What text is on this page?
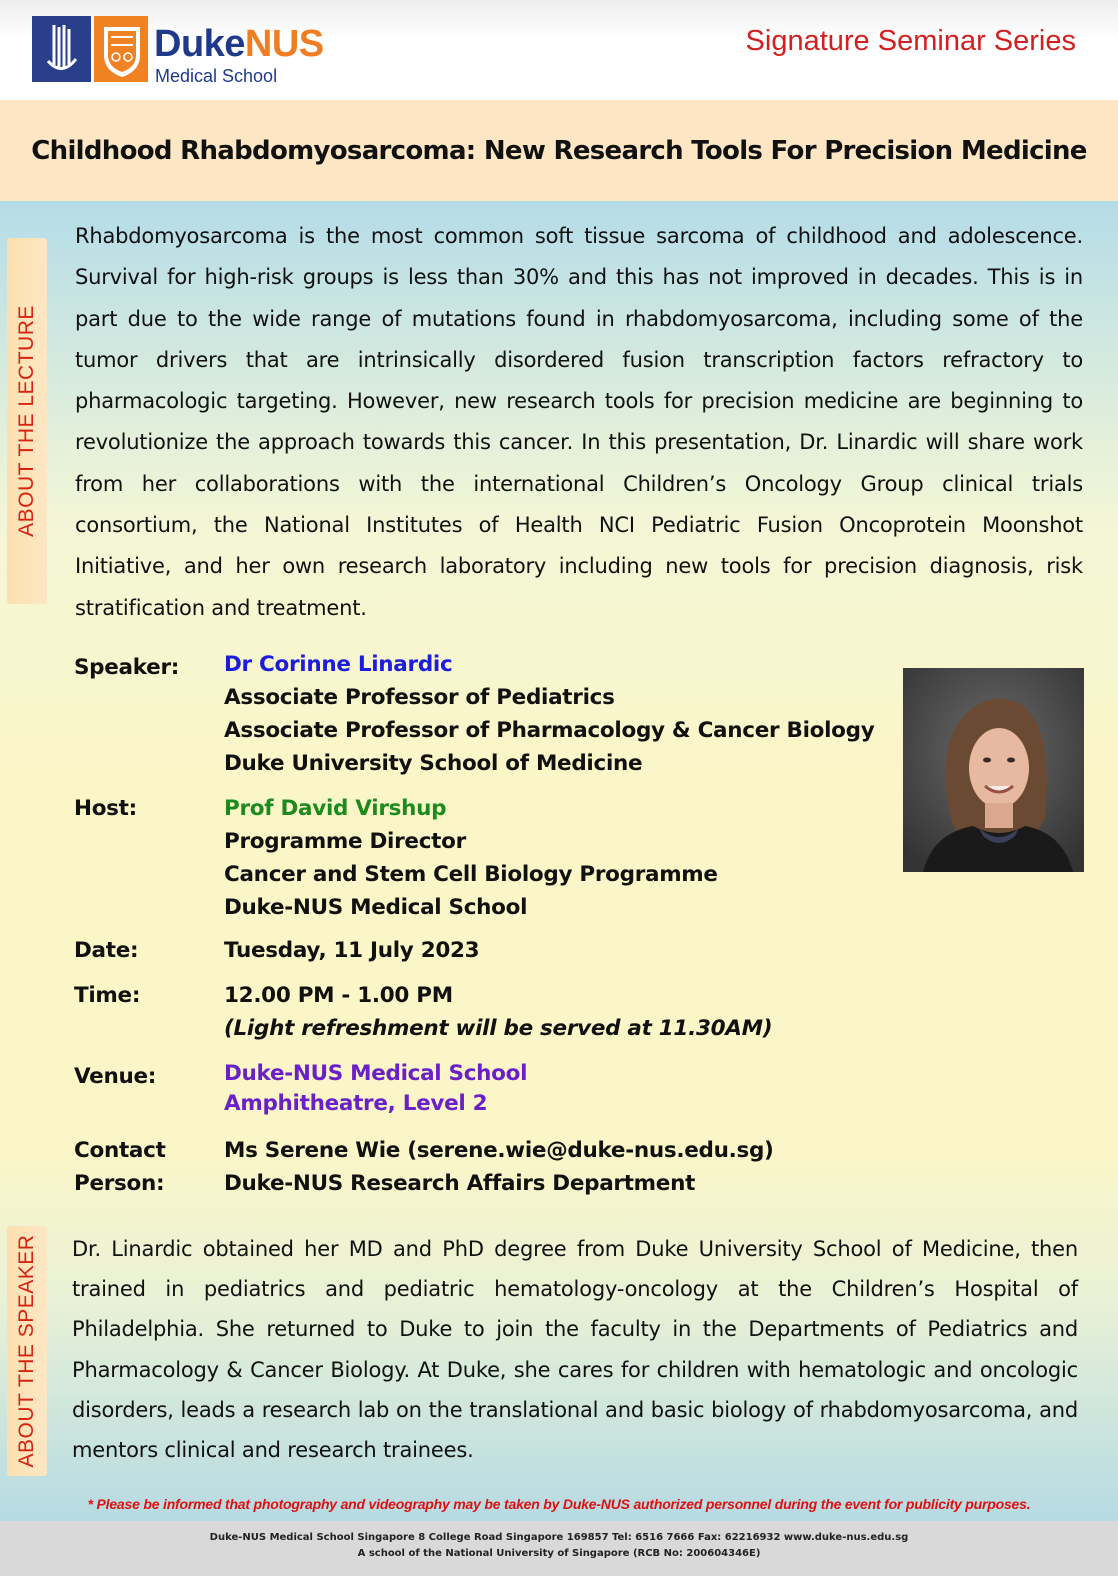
DukeNUS
Medical School
Signature Seminar Series
Childhood Rhabdomyosarcoma: New Research Tools For Precision Medicine
ABOUT THE LECTURE
ABOUT THE SPEAKER

Rhabdomyosarcoma is the most common soft tissue sarcoma of childhood and adolescence. Survival for high-risk groups is less than 30% and this has not improved in decades. This is in part due to the wide range of mutations found in rhabdomyosarcoma, including some of the tumor drivers that are intrinsically disordered fusion transcription factors refractory to pharmacologic targeting. However, new research tools for precision medicine are beginning to revolutionize the approach towards this cancer. In this presentation, Dr. Linardic will share work from her collaborations with the international Children’s Oncology Group clinical trials consortium, the National Institutes of Health NCI Pediatric Fusion Oncoprotein Moonshot Initiative, and her own research laboratory including new tools for precision diagnosis, risk stratification and treatment.

Speaker: Dr Corinne Linardic
Associate Professor of Pediatrics
Associate Professor of Pharmacology & Cancer Biology
Duke University School of Medicine
Host:	Prof David Virshup
Programme Director
Cancer and Stem Cell Biology Programme
Duke-NUS Medical School
Date:	Tuesday, 11 July 2023
Time:	12.00 PM - 1.00 PM
(Light refreshment will be served at 11.30AM)
Venue:	Duke-NUS Medical School
Amphitheatre, Level 2
Contact
Person:
Ms Serene Wie (serene.wie@duke-nus.edu.sg)
Duke-NUS Research Affairs Department

Dr. Linardic obtained her MD and PhD degree from Duke University School of Medicine, then trained in pediatrics and pediatric hematology-oncology at the Children’s Hospital of Philadelphia. She returned to Duke to join the faculty in the Departments of Pediatrics and Pharmacology & Cancer Biology. At Duke, she cares for children with hematologic and oncologic disorders, leads a research lab on the translational and basic biology of rhabdomyosarcoma, and mentors clinical and research trainees.

* Please be informed that photography and videography may be taken by Duke-NUS authorized personnel during the event for publicity purposes.
Duke-NUS Medical School Singapore 8 College Road Singapore 169857 Tel: 6516 7666 Fax: 62216932 www.duke-nus.edu.sg
A school of the National University of Singapore (RCB No: 200604346E)
